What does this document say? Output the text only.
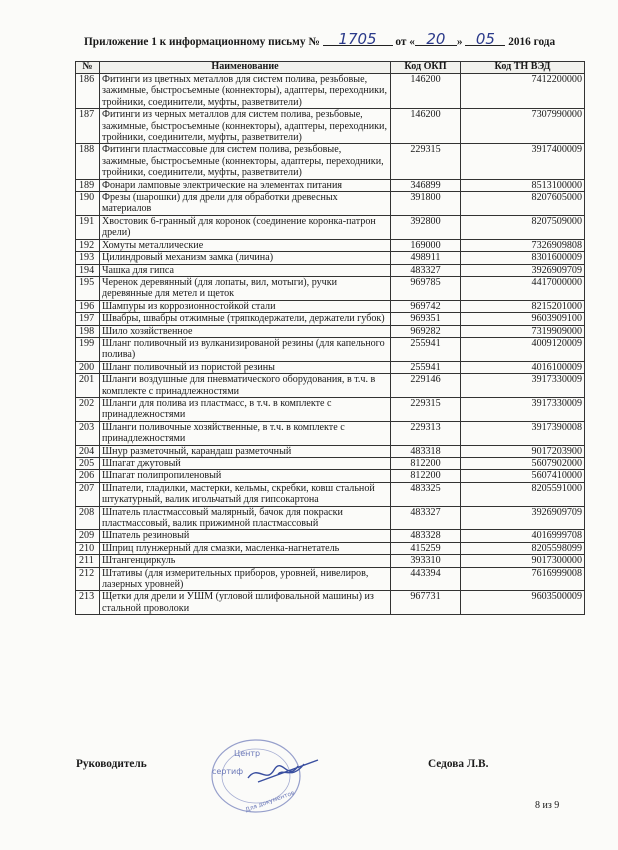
Приложение 1 к информационному письму № 1705 от « 20 » 05 2016 года
№	Наименование	Код ОКП	Код ТН ВЭД
186	Фитинги из цветных металлов для систем полива, резьбовые, зажимные, быстросъемные (коннекторы), адаптеры, переходники, тройники, соединители, муфты, разветвители)	146200	7412200000
187	Фитинги из черных металлов для систем полива, резьбовые, зажимные, быстросъемные (коннекторы), адаптеры, переходники, тройники, соединители, муфты, разветвители)	146200	7307990000
188	Фитинги пластмассовые для систем полива, резьбовые, зажимные, быстросъемные (коннекторы, адаптеры, переходники, тройники, соединители, муфты, разветвители)	229315	3917400009
189	Фонари ламповые электрические на элементах питания	346899	8513100000
190	Фрезы (шарошки) для дрели для обработки древесных материалов	391800	8207605000
191	Хвостовик 6-гранный для коронок (соединение коронка-патрон дрели)	392800	8207509000
192	Хомуты металлические	169000	7326909808
193	Цилиндровый механизм замка (личина)	498911	8301600009
194	Чашка для гипса	483327	3926909709
195	Черенок деревянный (для лопаты, вил, мотыги), ручки деревянные для метел и щеток	969785	4417000000
196	Шампуры из коррозионностойкой стали	969742	8215201000
197	Швабры, швабры отжимные (тряпкодержатели, держатели губок)	969351	9603909100
198	Шило хозяйственное	969282	7319909000
199	Шланг поливочный из вулканизированой резины (для капельного полива)	255941	4009120009
200	Шланг поливочный из пористой резины	255941	4016100009
201	Шланги воздушные для пневматического оборудования, в т.ч. в комплекте с принадлежностями	229146	3917330009
202	Шланги для полива из пластмасс, в т.ч. в комплекте с принадлежностями	229315	3917330009
203	Шланги поливочные хозяйственные, в т.ч. в комплекте с принадлежностями	229313	3917390008
204	Шнур разметочный, карандаш разметочный	483318	9017203900
205	Шпагат джутовый	812200	5607902000
206	Шпагат полипропиленовый	812200	5607410000
207	Шпатели, гладилки, мастерки, кельмы, скребки, ковш стальной штукатурный, валик игольчатый для гипсокартона	483325	8205591000
208	Шпатель пластмассовый малярный, бачок для покраски пластмассовый, валик прижимной пластмассовый	483327	3926909709
209	Шпатель резиновый	483328	4016999708
210	Шприц плунжерный для смазки, масленка-нагнетатель	415259	8205598099
211	Штангенциркуль	393310	9017300000
212	Штативы (для измерительных приборов, уровней, нивелиров, лазерных уровней)	443394	7616999008
213	Щетки для дрели и УШМ (угловой шлифовальной машины) из стальной проволоки	967731	9603500009
Руководитель
Центр
сертиф
Для документов
Седова Л.В.
8 из 9
